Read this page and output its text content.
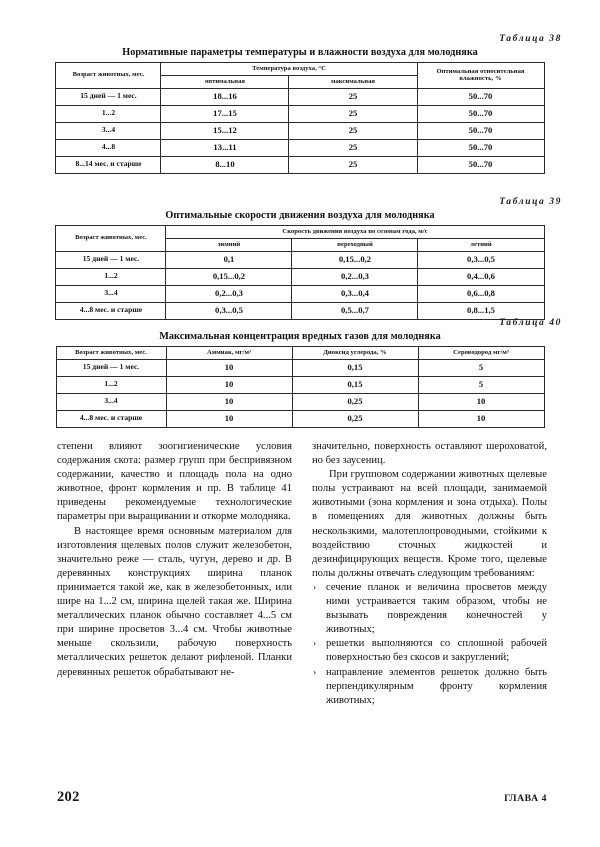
Таблица 38
Нормативные параметры температуры и влажности воздуха для молодняка
Возраст животных, мес.	Температура воздуха, °С		Оптимальная относительная влажность, %
	оптимальная	максимальная	
15 дней — 1 мес.	18...16	25	50...70
1...2	17...15	25	50...70
3...4	15...12	25	50...70
4...8	13...11	25	50...70
8...14 мес. и старше	8...10	25	50...70
Таблица 39
Оптимальные скорости движения воздуха для молодняка
Возраст животных, мес.	Скорость движения воздуха по сезонам года, м/с		
	зимний	переходный	летний
15 дней — 1 мес.	0,1	0,15...0,2	0,3...0,5
1...2	0,15...0,2	0,2...0,3	0,4...0,6
3...4	0,2...0,3	0,3...0,4	0,6...0,8
4...8 мес. и старше	0,3...0,5	0,5...0,7	0,8...1,5
Таблица 40
Максимальная концентрация вредных газов для молодняка
Возраст животных, мес.	Аммиак, мг/м³	Диоксид углерода, %	Сероводород мг/м³
15 дней — 1 мес.	10	0,15	5
1...2	10	0,15	5
3...4	10	0,25	10
4...8 мес. и старше	10	0,25	10

степени влияют зоогигиенические условия содержания скота: размер групп при беспривязном содержании, качество и площадь пола на одно животное, фронт кормления и пр. В таблице 41 приведены рекомендуемые технологические параметры при выращивании и откорме молодняка.

В настоящее время основным материалом для изготовления щелевых полов служит железобетон, значительно реже — сталь, чугун, дерево и др. В деревянных конструкциях ширина планок принимается такой же, как в железобетонных, или шире на 1...2 см, ширина щелей такая же. Ширина металлических планок обычно составляет 4...5 см при ширине просветов 3...4 см. Чтобы животные меньше скользили, рабочую поверхность металлических решеток делают рифленой. Планки деревянных решеток обрабатывают не-

значительно, поверхность оставляют шероховатой, но без заусениц.

При групповом содержании животных щелевые полы устраивают на всей площади, занимаемой животными (зона кормления и зона отдыха). Полы в помещениях для животных должны быть нескользкими, малотеплопроводными, стойкими к воздействию сточных жидкостей и дезинфицирующих веществ. Кроме того, щелевые полы должны отвечать следующим требованиям:

› сечение планок и величина просветов между ними устраивается таким образом, чтобы не вызывать повреждения конечностей у животных;
› решетки выполняются со сплошной рабочей поверхностью без скосов и закруглений;
› направление элементов решеток должно быть перпендикулярным фронту кормления животных;
202	ГЛАВА 4
